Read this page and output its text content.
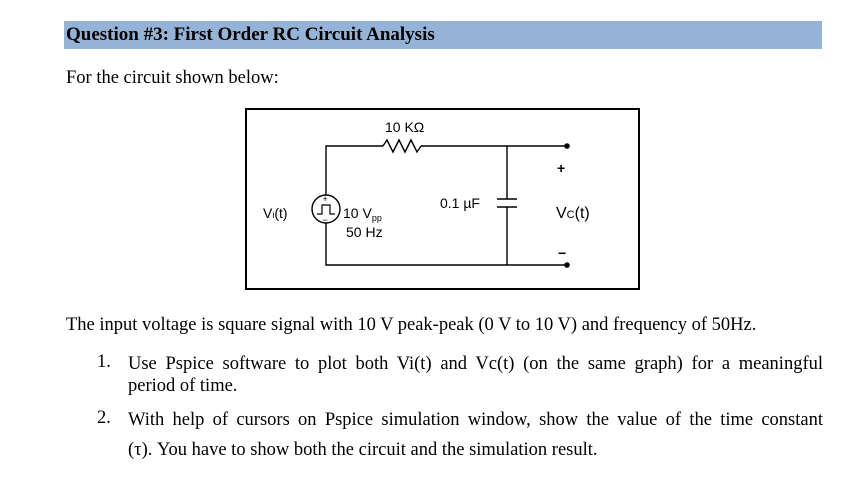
Question #3: First Order RC Circuit Analysis
For the circuit shown below:
+
−
10 KΩ
Vi(t)	10 $V_{pp}$
50 Hz
0.1 µF
+
−
VC(t)
The input voltage is square signal with 10 V peak-peak (0 V to 10 V) and frequency of 50Hz.
1. Use Pspice software to plot both Vi(t) and Vc(t) (on the same graph) for a meaningful
period of time.
2. With help of cursors on Pspice simulation window, show the value of the time constant
(τ). You have to show both the circuit and the simulation result.
